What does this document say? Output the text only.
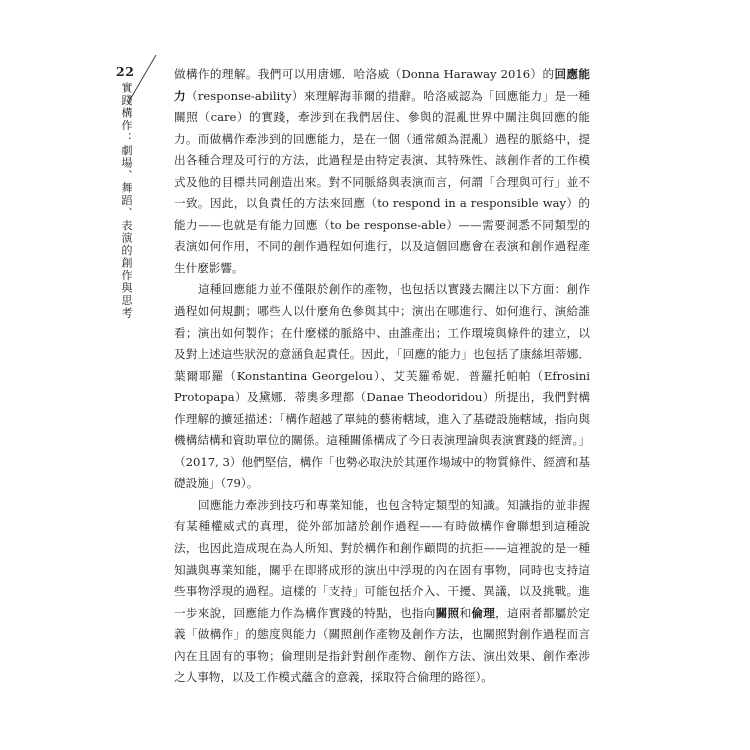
22
實踐構作：劇場、舞蹈、表演的創作與思考

做構作的理解。我們可以用唐娜．哈洛威（Donna Haraway 2016）的回應能力（response-ability）來理解海菲爾的措辭。哈洛威認為「回應能力」是一種關照（care）的實踐，牽涉到在我們居住、參與的混亂世界中關注與回應的能力。而做構作牽涉到的回應能力，是在一個（通常頗為混亂）過程的脈絡中，提出各種合理及可行的方法，此過程是由特定表演、其特殊性、該創作者的工作模式及他的目標共同創造出來。對不同脈絡與表演而言，何謂「合理與可行」並不一致。因此，以負責任的方法來回應（to respond in a responsible way）的能力——也就是有能力回應（to be response-able）——需要洞悉不同類型的表演如何作用，不同的創作過程如何進行，以及這個回應會在表演和創作過程產生什麼影響。

這種回應能力並不僅限於創作的產物，也包括以實踐去關注以下方面：創作過程如何規劃；哪些人以什麼角色參與其中；演出在哪進行、如何進行、演給誰看；演出如何製作；在什麼樣的脈絡中、由誰產出；工作環境與條件的建立，以及對上述這些狀況的意涵負起責任。因此，「回應的能力」也包括了康絲坦蒂娜．葉爾耶羅（Konstantina Georgelou）、艾芙羅希妮．普羅托帕帕（Efrosini Protopapa）及黛娜．蒂奧多理都（Danae Theodoridou）所提出，我們對構作理解的擴延描述：「構作超越了單純的藝術轄域，進入了基礎設施轄域，指向與機構結構和資助單位的關係。這種關係構成了今日表演理論與表演實踐的經濟。」（2017, 3）他們堅信，構作「也勢必取決於其運作場域中的物質條件、經濟和基礎設施」（79）。

回應能力牽涉到技巧和專業知能，也包含特定類型的知識。知識指的並非握有某種權威式的真理，從外部加諸於創作過程——有時做構作會聯想到這種說法，也因此造成現在為人所知、對於構作和創作顧問的抗拒——這裡說的是一種知識與專業知能，關乎在即將成形的演出中浮現的內在固有事物，同時也支持這些事物浮現的過程。這樣的「支持」可能包括介入、干擾、異議，以及挑戰。進一步來說，回應能力作為構作實踐的特點，也指向關照和倫理，這兩者都屬於定義「做構作」的態度與能力（關照創作產物及創作方法，也關照對創作過程而言內在且固有的事物；倫理則是指針對創作產物、創作方法、演出效果、創作牽涉之人事物，以及工作模式蘊含的意義，採取符合倫理的路徑）。
